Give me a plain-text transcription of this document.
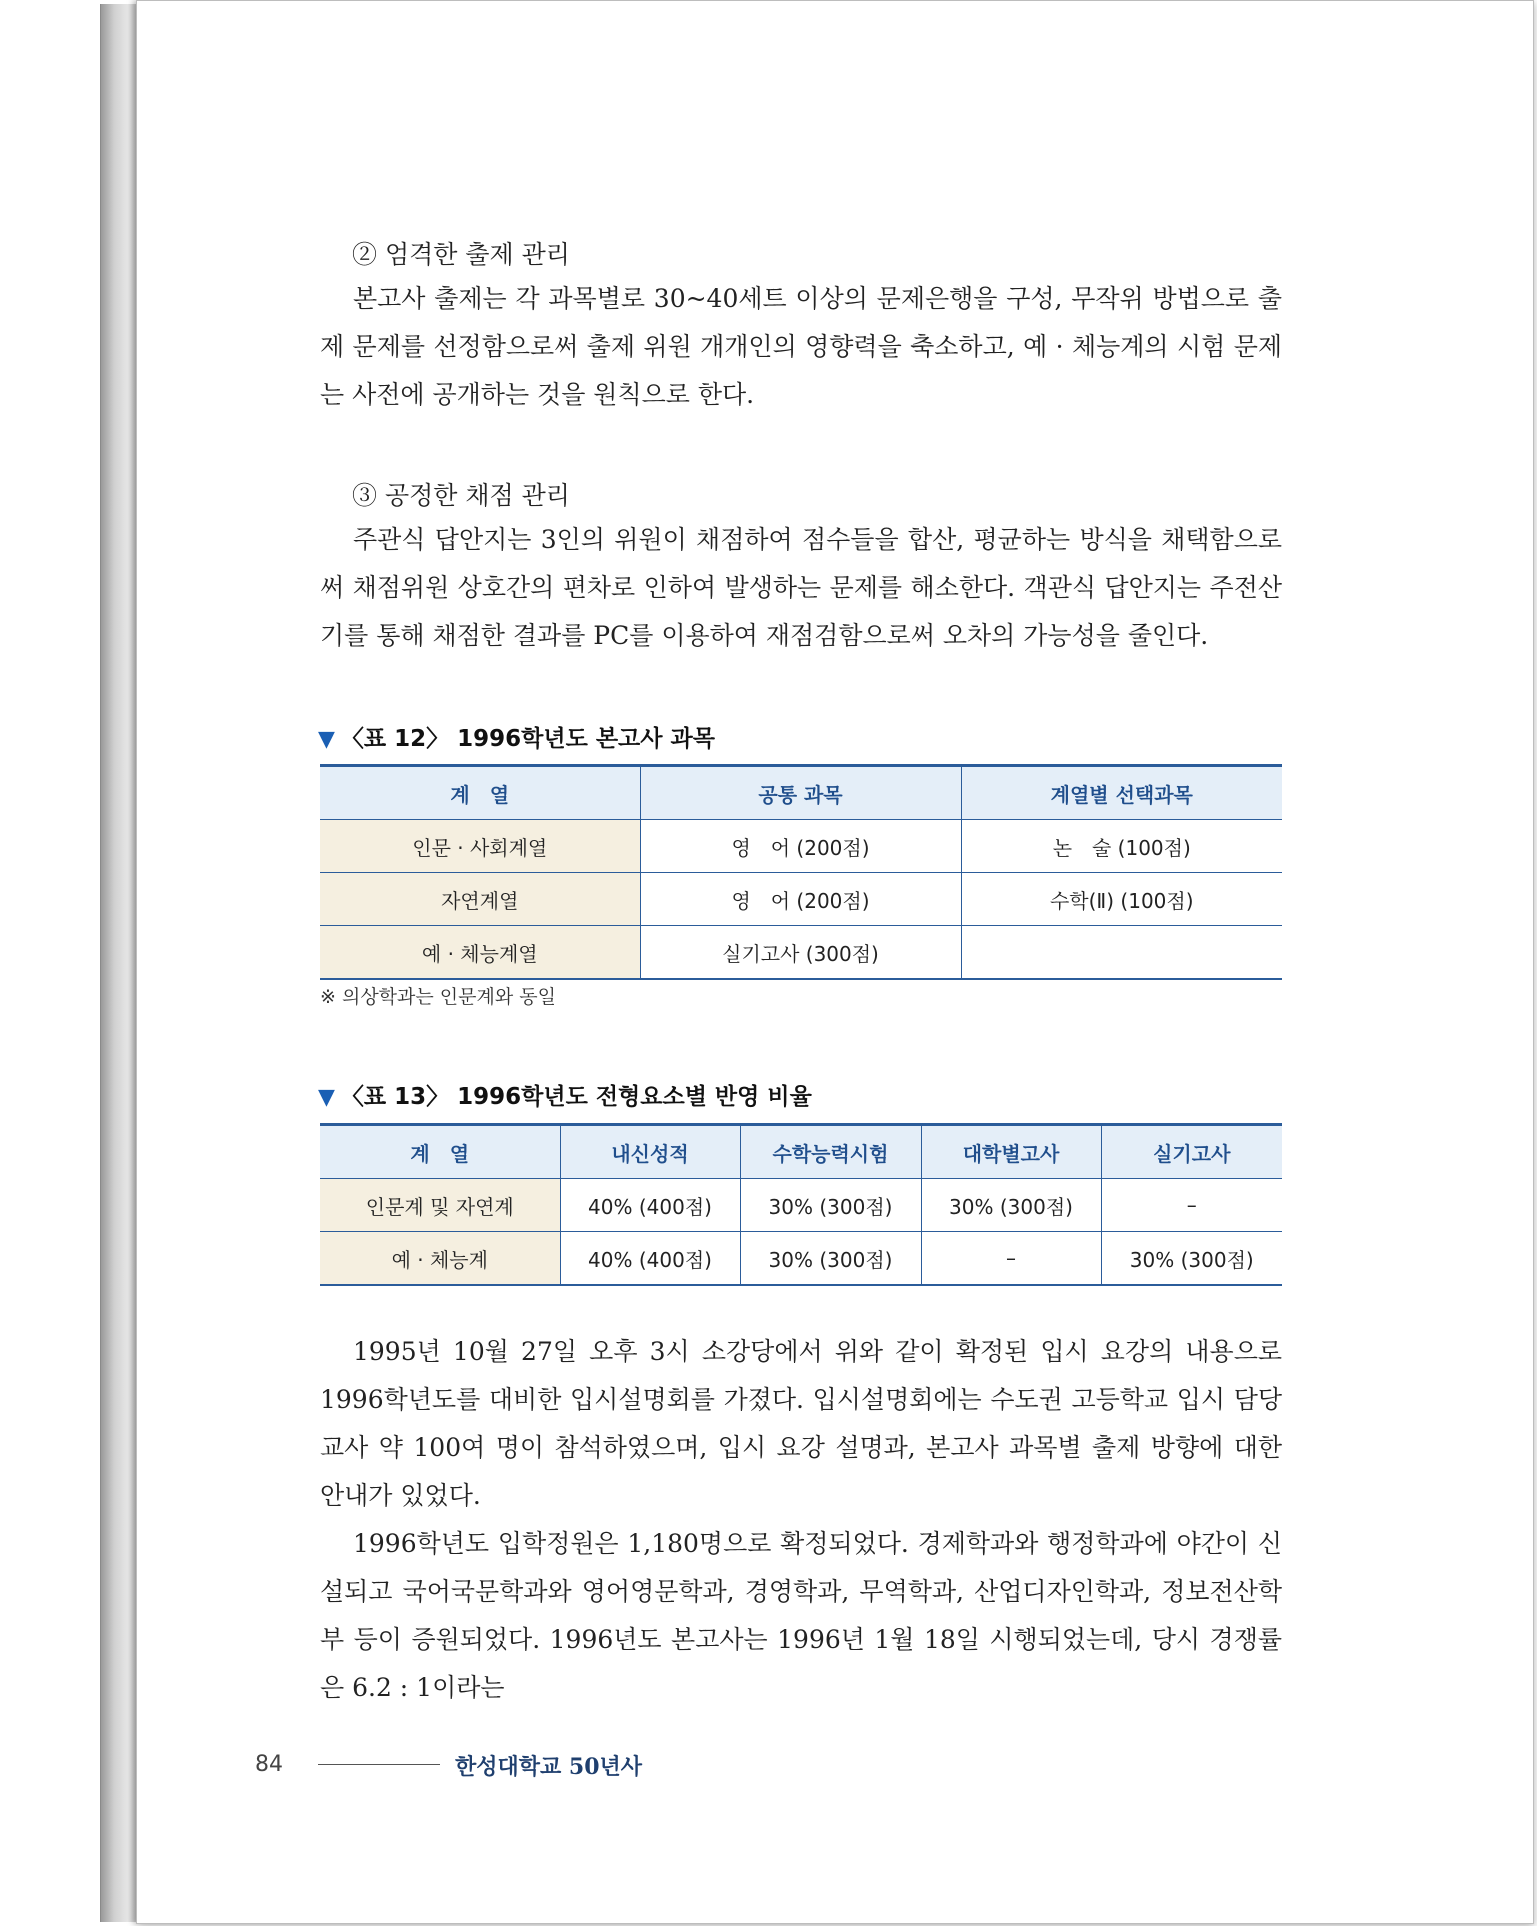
② 엄격한 출제 관리

본고사 출제는 각 과목별로 30~40세트 이상의 문제은행을 구성, 무작위 방법으로 출제 문제를 선정함으로써 출제 위원 개개인의 영향력을 축소하고, 예 · 체능계의 시험 문제는 사전에 공개하는 것을 원칙으로 한다.

③ 공정한 채점 관리

주관식 답안지는 3인의 위원이 채점하여 점수들을 합산, 평균하는 방식을 채택함으로써 채점위원 상호간의 편차로 인하여 발생하는 문제를 해소한다. 객관식 답안지는 주전산기를 통해 채점한 결과를 PC를 이용하여 재점검함으로써 오차의 가능성을 줄인다.

▼ 〈표 12〉 1996학년도 본고사 과목
계　열	공통 과목	계열별 선택과목
인문 · 사회계열	영　어 (200점)	논　술 (100점)
자연계열	영　어 (200점)	수학(Ⅱ) (100점)
예 · 체능계열	실기고사 (300점)	
※ 의상학과는 인문계와 동일
▼ 〈표 13〉 1996학년도 전형요소별 반영 비율
계　열	내신성적	수학능력시험	대학별고사	실기고사
인문계 및 자연계	40% (400점)	30% (300점)	30% (300점)	–
예 · 체능계	40% (400점)	30% (300점)	–	30% (300점)

1995년 10월 27일 오후 3시 소강당에서 위와 같이 확정된 입시 요강의 내용으로 1996학년도를 대비한 입시설명회를 가졌다. 입시설명회에는 수도권 고등학교 입시 담당교사 약 100여 명이 참석하였으며, 입시 요강 설명과, 본고사 과목별 출제 방향에 대한 안내가 있었다.

1996학년도 입학정원은 1,180명으로 확정되었다. 경제학과와 행정학과에 야간이 신설되고 국어국문학과와 영어영문학과, 경영학과, 무역학과, 산업디자인학과, 정보전산학부 등이 증원되었다. 1996년도 본고사는 1996년 1월 18일 시행되었는데, 당시 경쟁률은 6.2 : 1이라는

84	한성대학교 50년사
